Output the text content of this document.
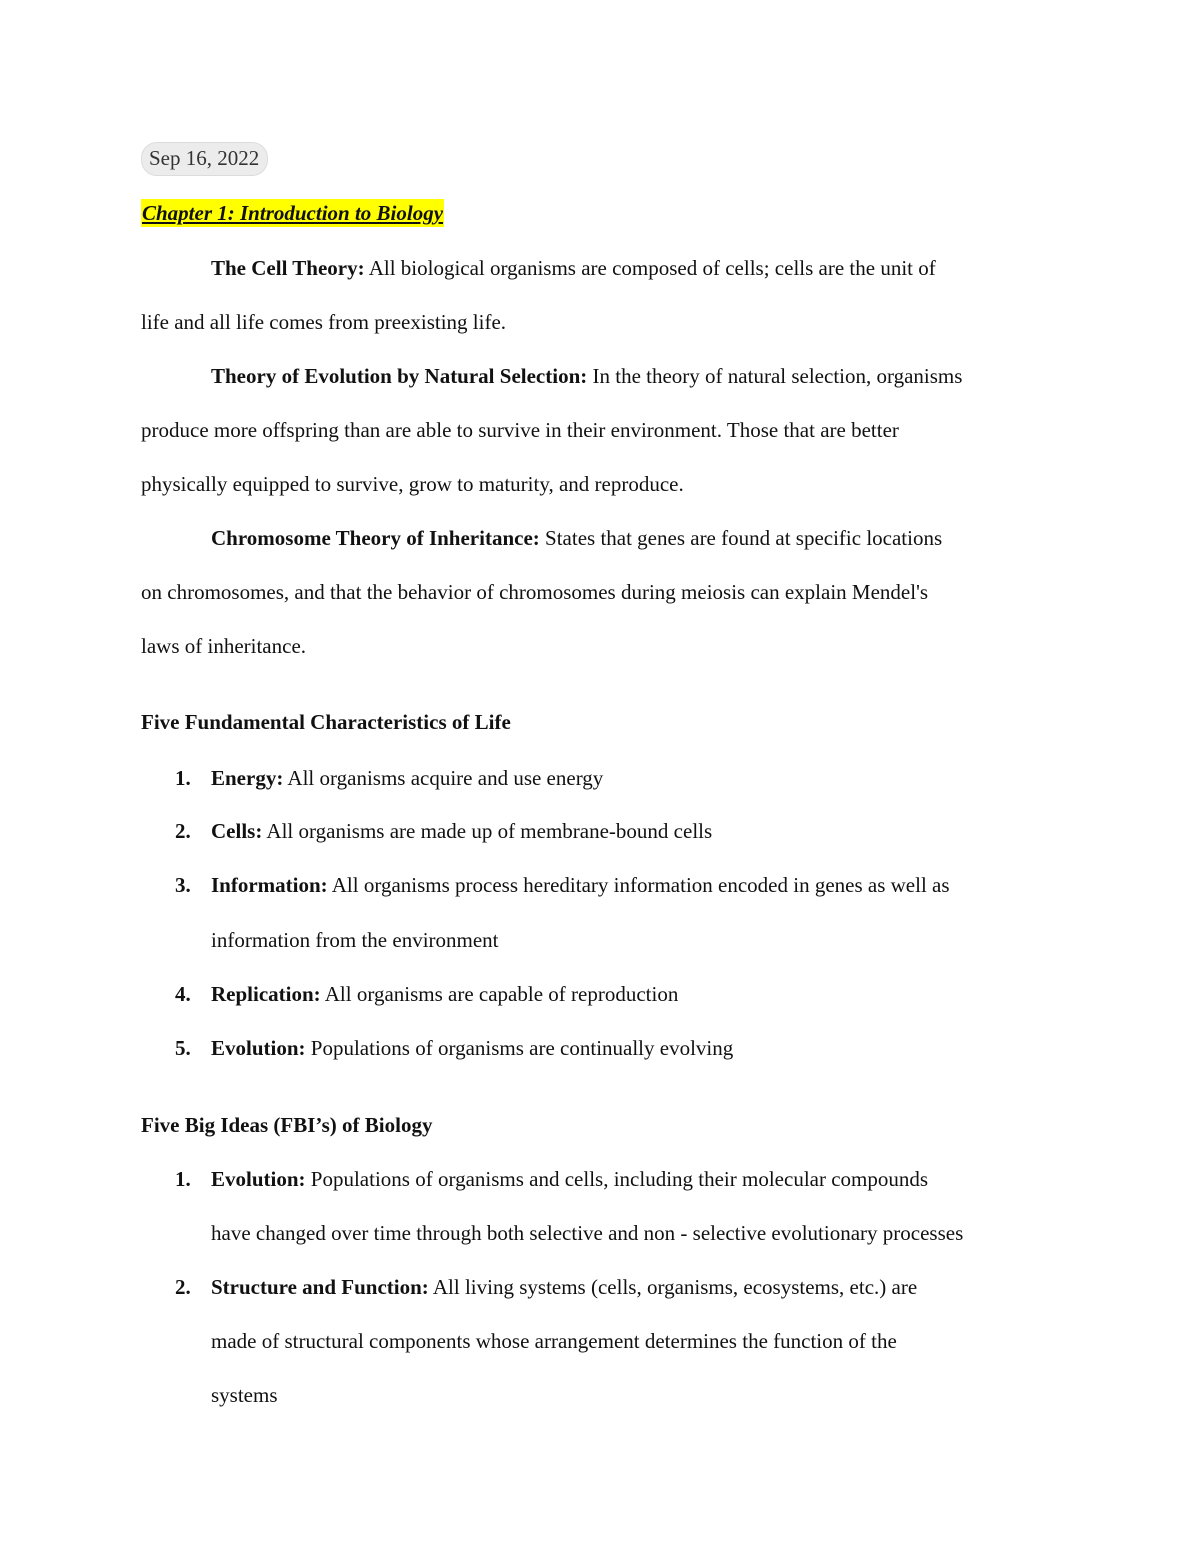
Sep 16, 2022
Chapter 1: Introduction to Biology
The Cell Theory: All biological organisms are composed of cells; cells are the unit of
life and all life comes from preexisting life.
Theory of Evolution by Natural Selection: In the theory of natural selection, organisms
produce more offspring than are able to survive in their environment. Those that are better
physically equipped to survive, grow to maturity, and reproduce.
Chromosome Theory of Inheritance: States that genes are found at specific locations
on chromosomes, and that the behavior of chromosomes during meiosis can explain Mendel's
laws of inheritance.
Five Fundamental Characteristics of Life
1. Energy: All organisms acquire and use energy
2. Cells: All organisms are made up of membrane-bound cells
3. Information: All organisms process hereditary information encoded in genes as well as
information from the environment
4. Replication: All organisms are capable of reproduction
5. Evolution: Populations of organisms are continually evolving
Five Big Ideas (FBI’s) of Biology
1. Evolution: Populations of organisms and cells, including their molecular compounds
have changed over time through both selective and non - selective evolutionary processes
2. Structure and Function: All living systems (cells, organisms, ecosystems, etc.) are
made of structural components whose arrangement determines the function of the
systems
